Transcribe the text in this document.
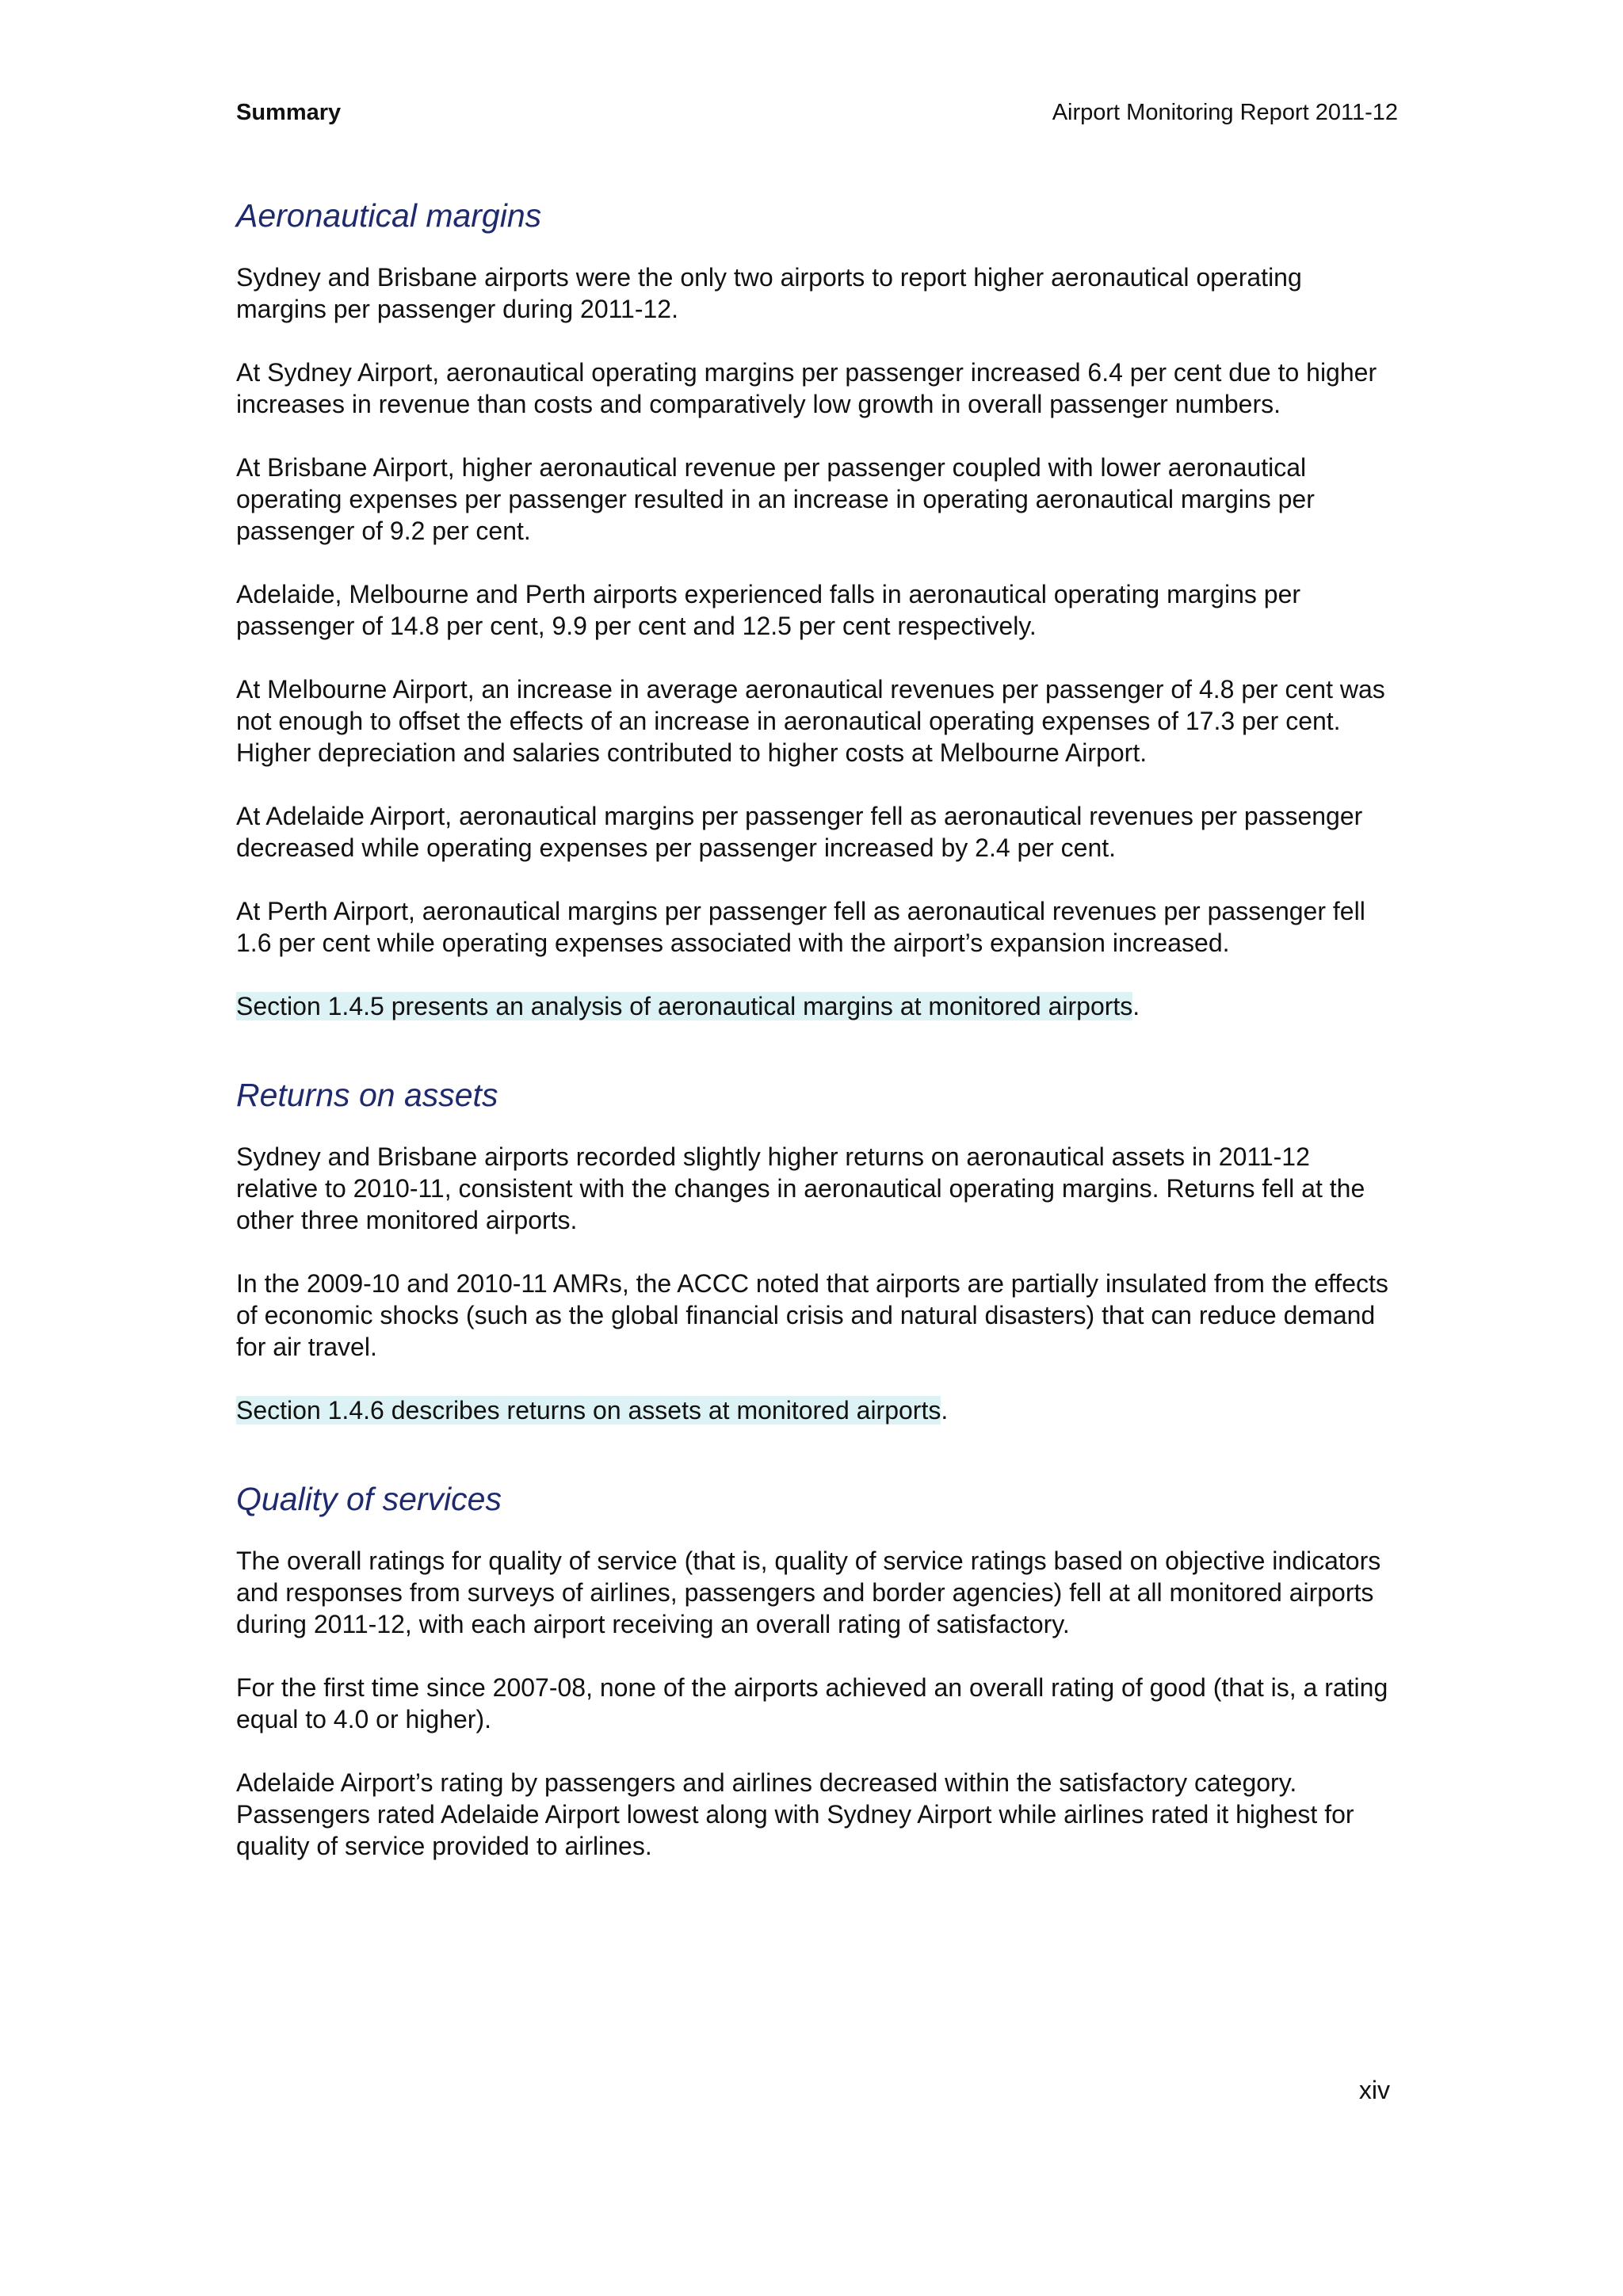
Summary	Airport Monitoring Report 2011-12
Aeronautical margins

Sydney and Brisbane airports were the only two airports to report higher aeronautical operating margins per passenger during 2011-12.

At Sydney Airport, aeronautical operating margins per passenger increased 6.4 per cent due to higher increases in revenue than costs and comparatively low growth in overall passenger numbers.

At Brisbane Airport, higher aeronautical revenue per passenger coupled with lower aeronautical operating expenses per passenger resulted in an increase in operating aeronautical margins per passenger of 9.2 per cent.

Adelaide, Melbourne and Perth airports experienced falls in aeronautical operating margins per passenger of 14.8 per cent, 9.9 per cent and 12.5 per cent respectively.

At Melbourne Airport, an increase in average aeronautical revenues per passenger of 4.8 per cent was not enough to offset the effects of an increase in aeronautical operating expenses of 17.3 per cent. Higher depreciation and salaries contributed to higher costs at Melbourne Airport.

At Adelaide Airport, aeronautical margins per passenger fell as aeronautical revenues per passenger decreased while operating expenses per passenger increased by 2.4 per cent.

At Perth Airport, aeronautical margins per passenger fell as aeronautical revenues per passenger fell 1.6 per cent while operating expenses associated with the airport’s expansion increased.

Section 1.4.5 presents an analysis of aeronautical margins at monitored airports.

Returns on assets

Sydney and Brisbane airports recorded slightly higher returns on aeronautical assets in 2011-12 relative to 2010-11, consistent with the changes in aeronautical operating margins. Returns fell at the other three monitored airports.

In the 2009-10 and 2010-11 AMRs, the ACCC noted that airports are partially insulated from the effects of economic shocks (such as the global financial crisis and natural disasters) that can reduce demand for air travel.

Section 1.4.6 describes returns on assets at monitored airports.

Quality of services

The overall ratings for quality of service (that is, quality of service ratings based on objective indicators and responses from surveys of airlines, passengers and border agencies) fell at all monitored airports during 2011-12, with each airport receiving an overall rating of satisfactory.

For the first time since 2007-08, none of the airports achieved an overall rating of good (that is, a rating equal to 4.0 or higher).

Adelaide Airport’s rating by passengers and airlines decreased within the satisfactory category. Passengers rated Adelaide Airport lowest along with Sydney Airport while airlines rated it highest for quality of service provided to airlines.

xiv
